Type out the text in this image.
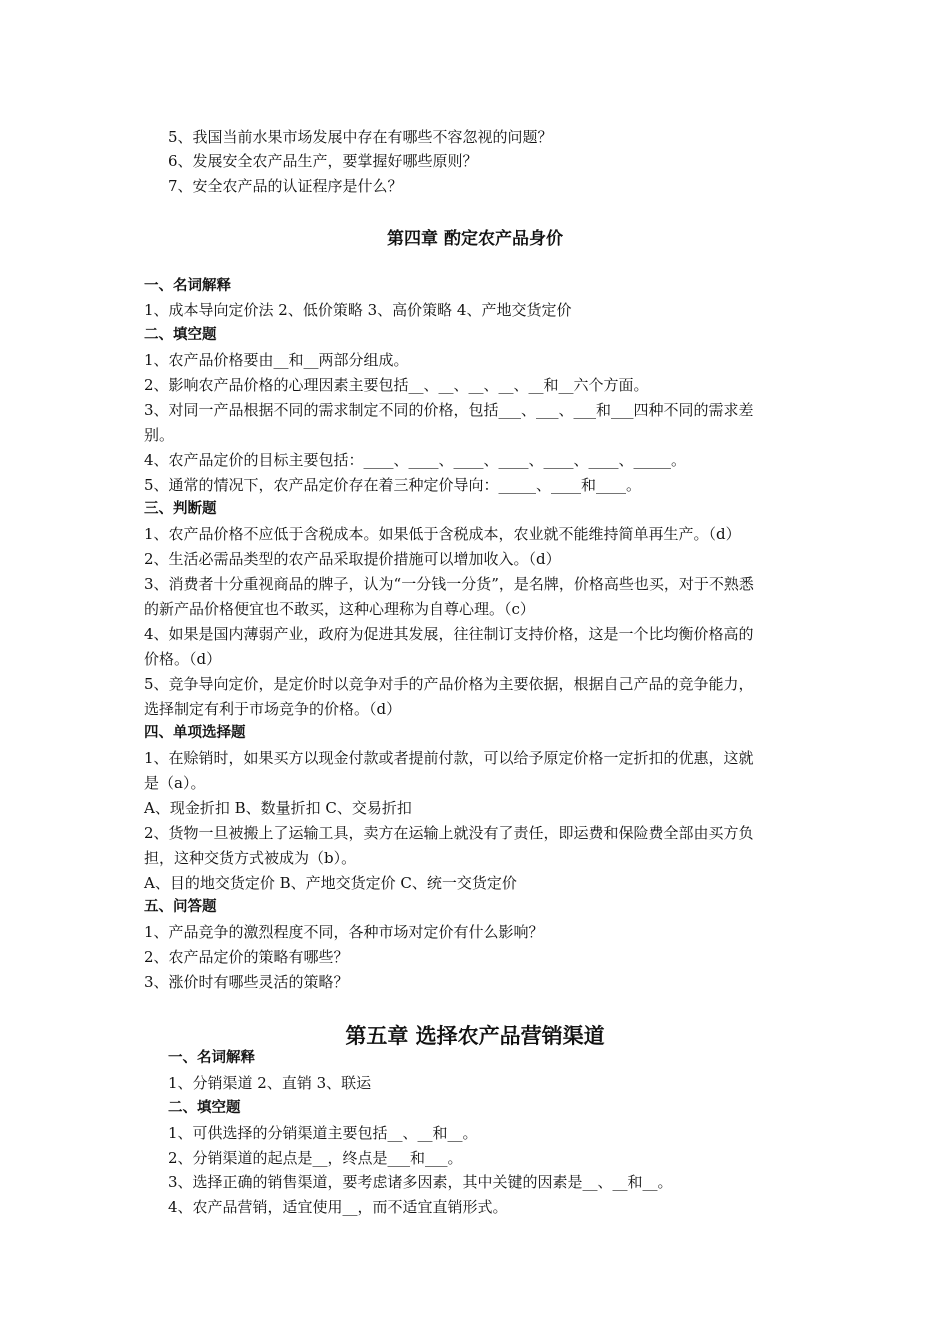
5、我国当前水果市场发展中存在有哪些不容忽视的问题？
6、发展安全农产品生产，要掌握好哪些原则？
7、安全农产品的认证程序是什么？
第四章 酌定农产品身价
一、名词解释
1、成本导向定价法 2、低价策略 3、高价策略 4、产地交货定价
二、填空题
1、农产品价格要由__和__两部分组成。
2、影响农产品价格的心理因素主要包括__、__、__、__、__和__六个方面。
3、对同一产品根据不同的需求制定不同的价格，包括___、___、___和___四种不同的需求差
别。
4、农产品定价的目标主要包括：____、____、____、____、____、____、_____。
5、通常的情况下，农产品定价存在着三种定价导向：_____、____和____。
三、判断题
1、农产品价格不应低于含税成本。如果低于含税成本，农业就不能维持简单再生产。（d）
2、生活必需品类型的农产品采取提价措施可以增加收入。（d）
3、消费者十分重视商品的牌子，认为“一分钱一分货”，是名牌，价格高些也买，对于不熟悉
的新产品价格便宜也不敢买，这种心理称为自尊心理。（c）
4、如果是国内薄弱产业，政府为促进其发展，往往制订支持价格，这是一个比均衡价格高的
价格。（d）
5、竞争导向定价，是定价时以竞争对手的产品价格为主要依据，根据自己产品的竞争能力，
选择制定有利于市场竞争的价格。（d）
四、单项选择题
1、在赊销时，如果买方以现金付款或者提前付款，可以给予原定价格一定折扣的优惠，这就
是（a）。
A、现金折扣 B、数量折扣 C、交易折扣
2、货物一旦被搬上了运输工具，卖方在运输上就没有了责任，即运费和保险费全部由买方负
担，这种交货方式被成为（b）。
A、目的地交货定价 B、产地交货定价 C、统一交货定价
五、问答题
1、产品竞争的激烈程度不同，各种市场对定价有什么影响？
2、农产品定价的策略有哪些？
3、涨价时有哪些灵活的策略？
第五章 选择农产品营销渠道
一、名词解释
1、分销渠道 2、直销 3、联运
二、填空题
1、可供选择的分销渠道主要包括__、__和__。
2、分销渠道的起点是__，终点是___和___。
3、选择正确的销售渠道，要考虑诸多因素，其中关键的因素是__、__和__。
4、农产品营销，适宜使用__，而不适宜直销形式。
